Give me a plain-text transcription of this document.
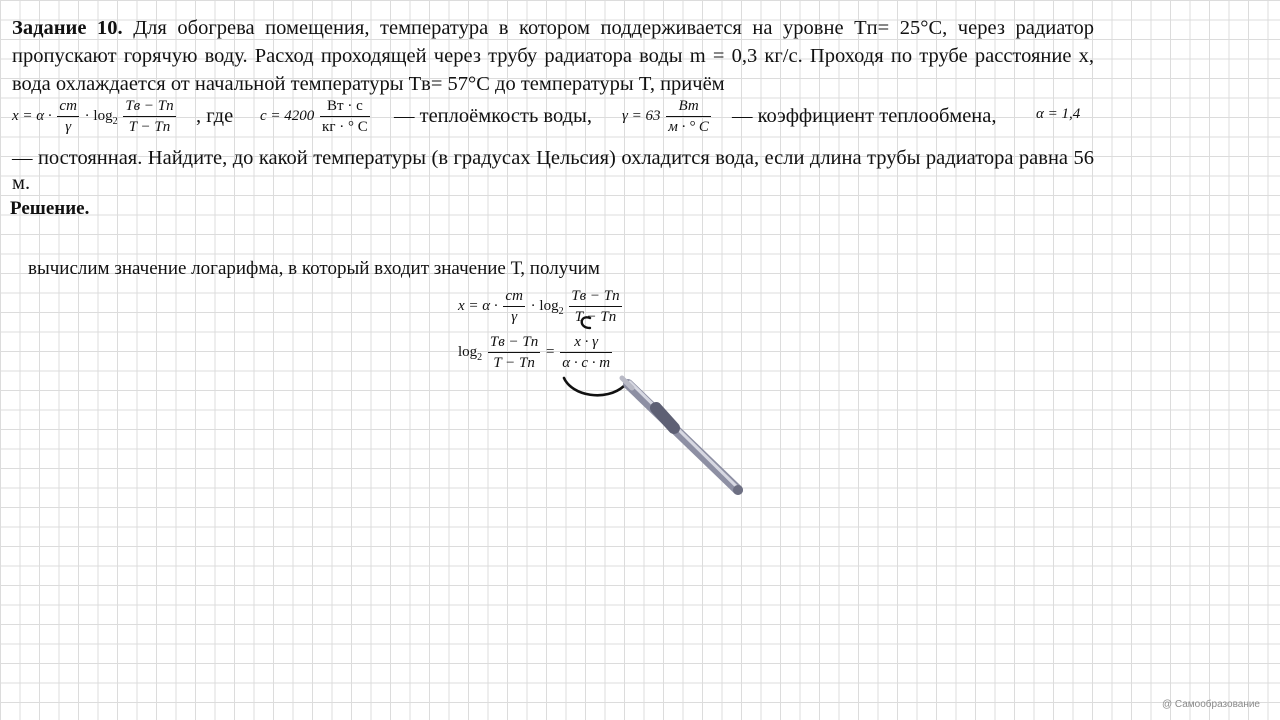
Задание 10. Для обогрева помещения, температура в котором поддерживается на уровне Tп= 25°C, через радиатор пропускают горячую воду. Расход проходящей через трубу радиатора воды m = 0,3 кг/с. Проходя по трубе расстояние x, вода охлаждается от начальной температуры Tв= 57°C до температуры T, причём

$x = \alpha \cdot \frac{cm}{\gamma} \cdot \log_2 \frac{Tв - Tп}{T - Tп}$ , где $c = 4200 \frac{Вт \cdot с}{кг \cdot ^\circ C}$ — теплоёмкость воды, $\gamma = 63 \frac{Вт}{м \cdot ^\circ C}$ — коэффициент теплообмена,	α = 1,4
— постоянная. Найдите, до какой температуры (в градусах Цельсия) охладится вода, если длина трубы радиатора равна 56 м.
Решение.
вычислим значение логарифма, в который входит значение Т, получим
$x = \alpha \cdot \frac{cm}{\gamma} \cdot \log_2 \frac{Tв - Tп}{T - Tп}$
$\log_2 \frac{Tв - Tп}{T - Tп} = \frac{x \cdot \gamma}{\alpha \cdot c \cdot m}$
@ Самообразование
